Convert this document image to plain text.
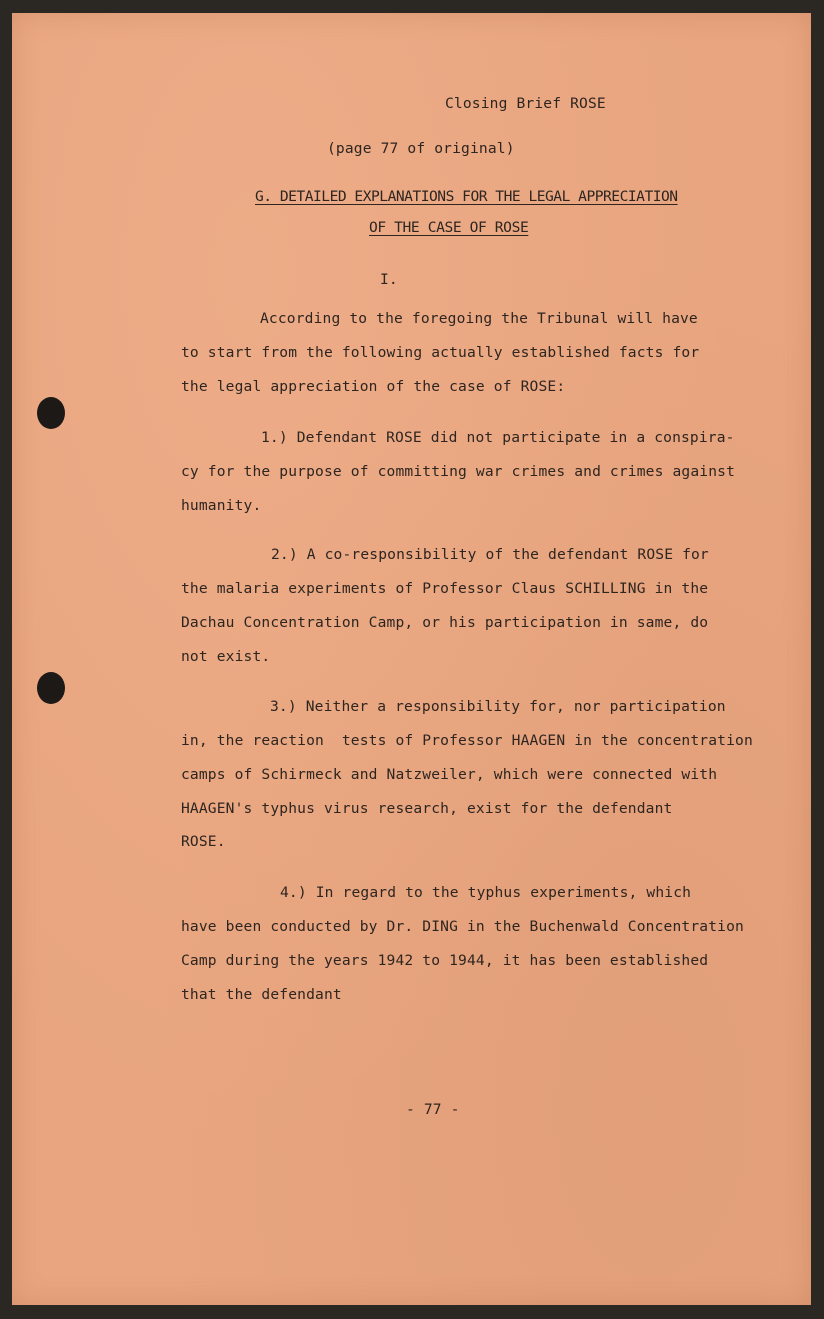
Closing Brief ROSE
(page 77 of original)
G. DETAILED EXPLANATIONS FOR THE LEGAL APPRECIATION
OF THE CASE OF ROSE
I.
According to the foregoing the Tribunal will have
to start from the following actually established facts for
the legal appreciation of the case of ROSE:
1.) Defendant ROSE did not participate in a conspira-
cy for the purpose of committing war crimes and crimes against
humanity.
2.) A co-responsibility of the defendant ROSE for
the malaria experiments of Professor Claus SCHILLING in the
Dachau Concentration Camp, or his participation in same, do
not exist.
3.) Neither a responsibility for, nor participation
in, the reaction  tests of Professor HAAGEN in the concentration
camps of Schirmeck and Natzweiler, which were connected with
HAAGEN's typhus virus research, exist for the defendant
ROSE.
4.) In regard to the typhus experiments, which
have been conducted by Dr. DING in the Buchenwald Concentration
Camp during the years 1942 to 1944, it has been established
that the defendant
- 77 -
